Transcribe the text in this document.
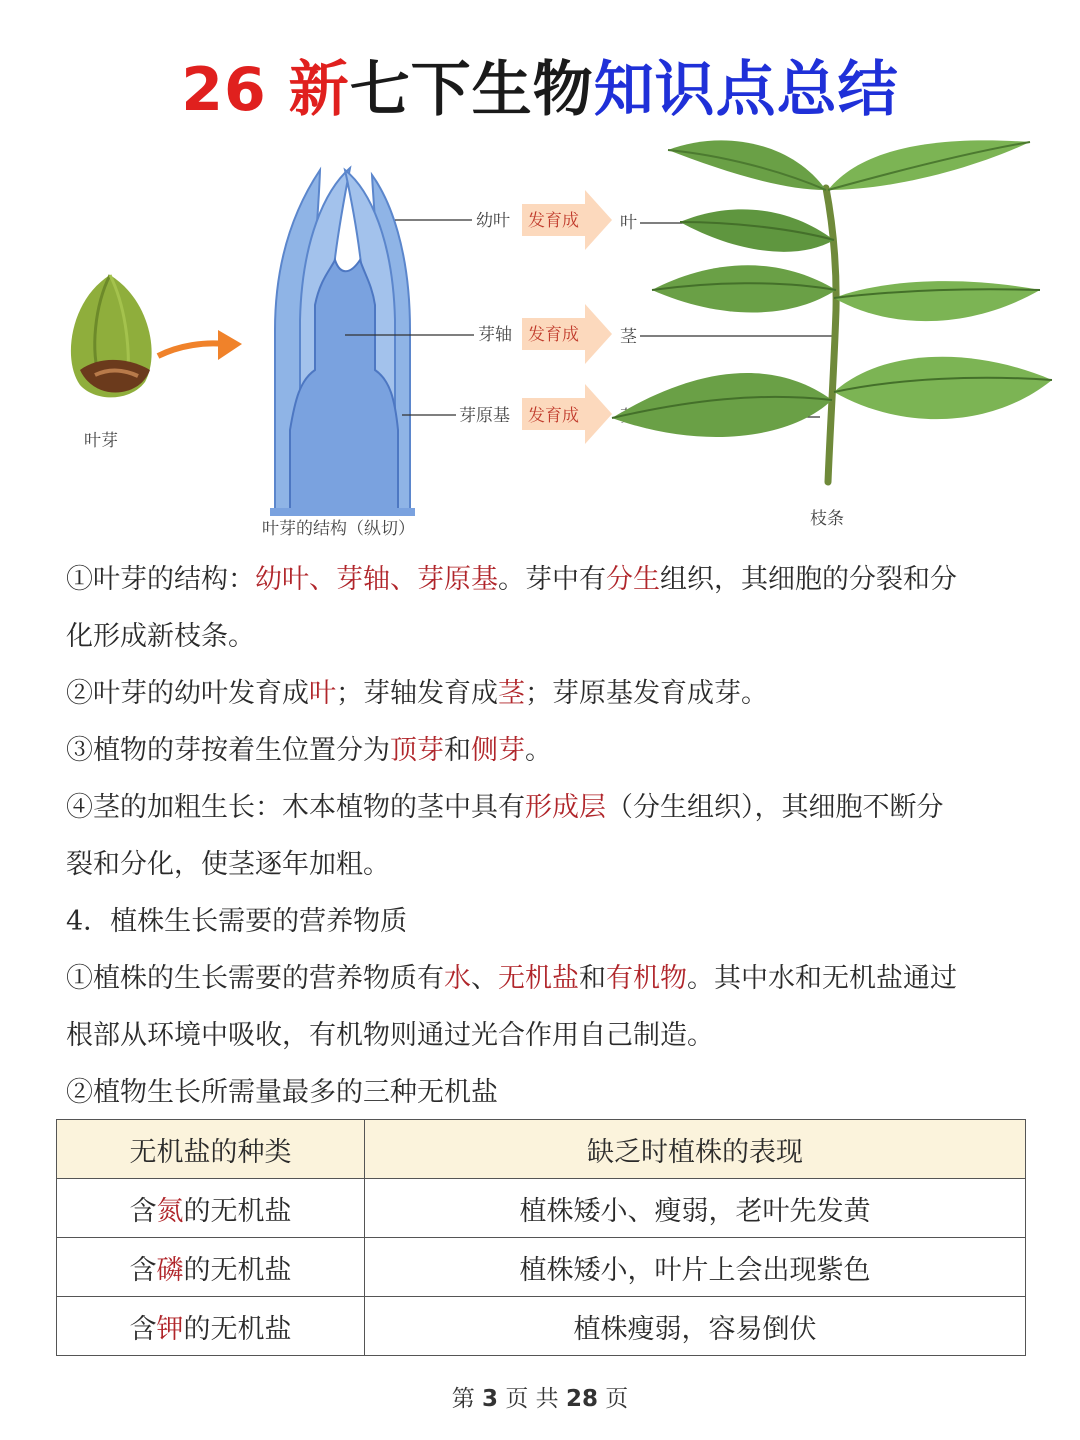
26 新七下生物知识点总结
叶芽
叶芽的结构（纵切）
幼叶 发育成 叶
芽轴 发育成 茎
芽原基 发育成
枝条
①叶芽的结构：幼叶、芽轴、芽原基。芽中有分生组织，其细胞的分裂和分
化形成新枝条。
②叶芽的幼叶发育成叶；芽轴发育成茎；芽原基发育成芽。
③植物的芽按着生位置分为顶芽和侧芽。
④茎的加粗生长：木本植物的茎中具有形成层（分生组织），其细胞不断分
裂和分化，使茎逐年加粗。
4．植株生长需要的营养物质
①植株的生长需要的营养物质有水、无机盐和有机物。其中水和无机盐通过
根部从环境中吸收，有机物则通过光合作用自己制造。
②植物生长所需量最多的三种无机盐
无机盐的种类	缺乏时植株的表现
含氮的无机盐	植株矮小、瘦弱，老叶先发黄
含磷的无机盐	植株矮小，叶片上会出现紫色
含钾的无机盐	植株瘦弱，容易倒伏
第 3 页 共 28 页
